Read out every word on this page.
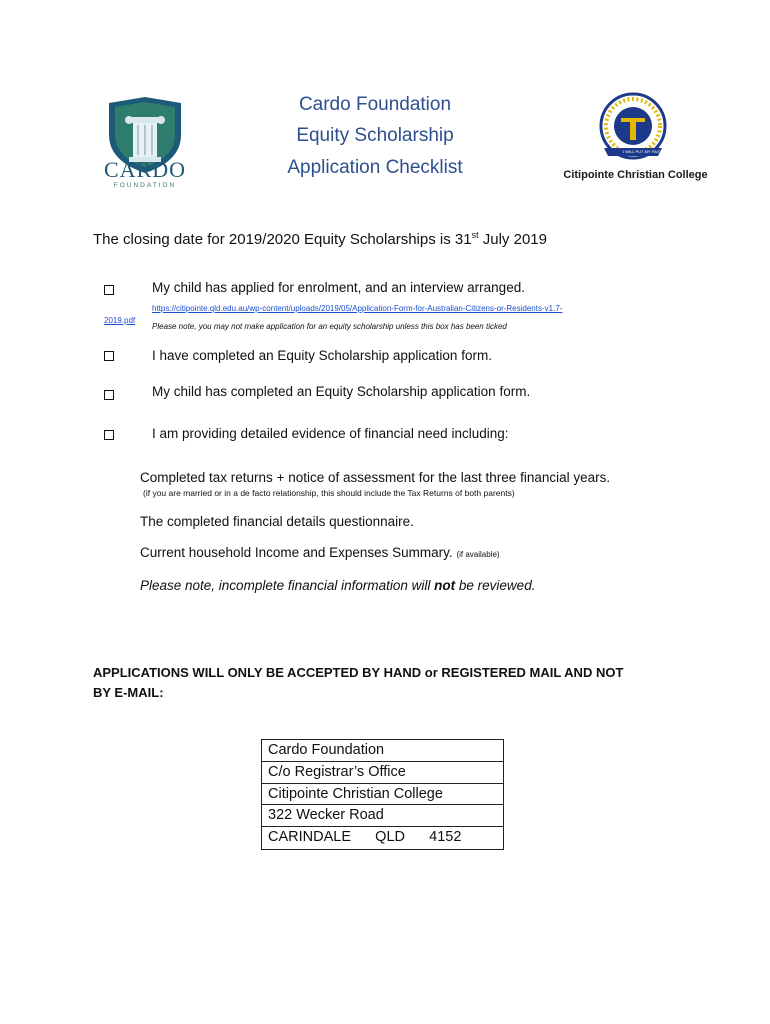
CARDO
FOUNDATION
Cardo Foundation
Equity Scholarship
Application Checklist
I WILL PUT MY FAITH
Citipointe Christian College
The closing date for 2019/2020 Equity Scholarships is 31st July 2019
My child has applied for enrolment, and an interview arranged.
https://citipointe.qld.edu.au/wp-content/uploads/2019/05/Application-Form-for-Australian-Citizens-or-Residents-v1.7-
2019.pdf
Please note, you may not make application for an equity scholarship unless this box has been ticked
I have completed an Equity Scholarship application form.
My child has completed an Equity Scholarship application form.
I am providing detailed evidence of financial need including:
Completed tax returns + notice of assessment for the last three financial years.
(if you are married or in a de facto relationship, this should include the Tax Returns of both parents)
The completed financial details questionnaire.
Current household Income and Expenses Summary. (if available)
Please note, incomplete financial information will not be reviewed.
APPLICATIONS WILL ONLY BE ACCEPTED BY HAND or REGISTERED MAIL AND NOT
BY E-MAIL:
Cardo Foundation
C/o Registrar’s Office
Citipointe Christian College
322 Wecker Road
CARINDALE      QLD      4152
